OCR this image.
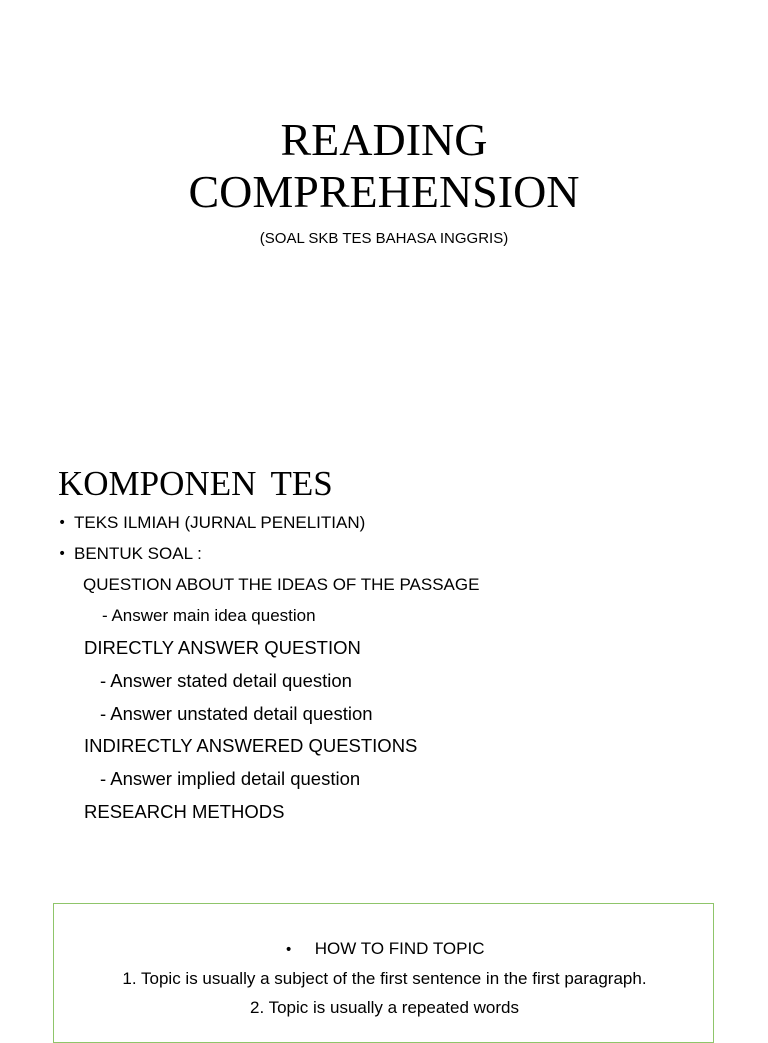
READING
COMPREHENSION
(SOAL SKB TES BAHASA INGGRIS)
KOMPONEN TES
• TEKS ILMIAH (JURNAL PENELITIAN)
• BENTUK SOAL :
QUESTION ABOUT THE IDEAS OF THE PASSAGE
- Answer main idea question
DIRECTLY ANSWER QUESTION
- Answer stated detail question
- Answer unstated detail question
INDIRECTLY ANSWERED QUESTIONS
- Answer implied detail question
RESEARCH METHODS
• HOW TO FIND TOPIC
1. Topic is usually a subject of the first sentence in the first paragraph.
2. Topic is usually a repeated words
